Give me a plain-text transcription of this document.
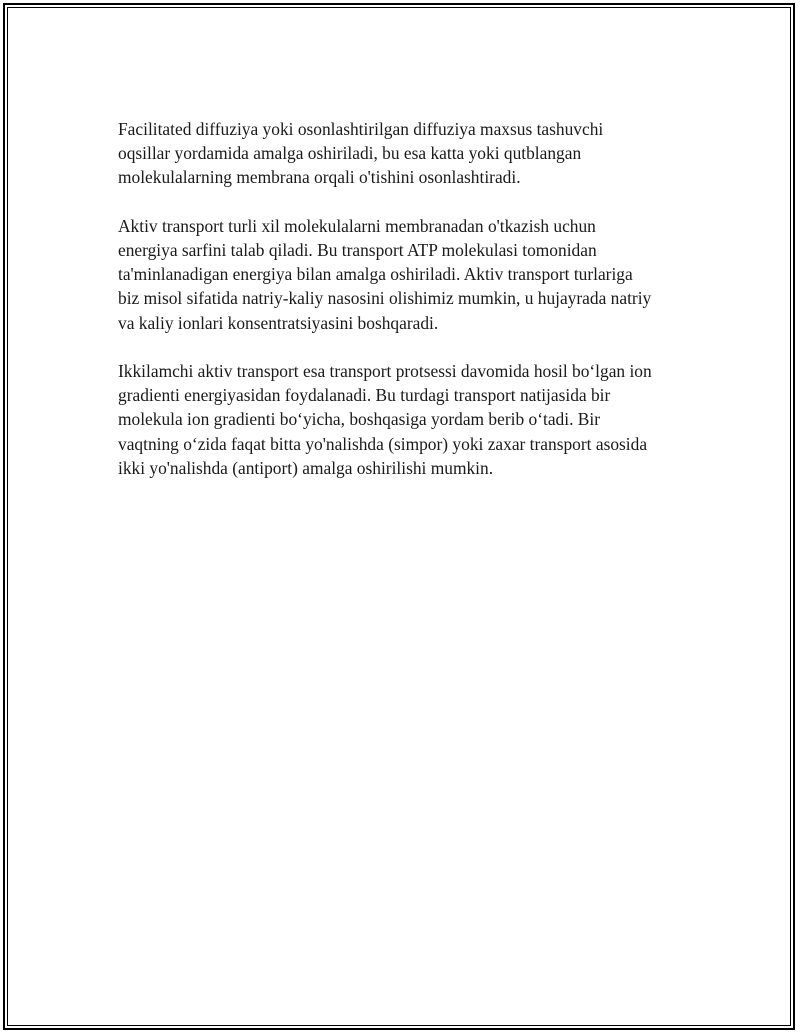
Facilitated diffuziya yoki osonlashtirilgan diffuziya maxsus tashuvchi
oqsillar yordamida amalga oshiriladi, bu esa katta yoki qutblangan
molekulalarning membrana orqali o'tishini osonlashtiradi.

Aktiv transport turli xil molekulalarni membranadan o'tkazish uchun
energiya sarfini talab qiladi. Bu transport ATP molekulasi tomonidan
ta'minlanadigan energiya bilan amalga oshiriladi. Aktiv transport turlariga
biz misol sifatida natriy-kaliy nasosini olishimiz mumkin, u hujayrada natriy
va kaliy ionlari konsentratsiyasini boshqaradi.

Ikkilamchi aktiv transport esa transport protsessi davomida hosil bo‘lgan ion
gradienti energiyasidan foydalanadi. Bu turdagi transport natijasida bir
molekula ion gradienti bo‘yicha, boshqasiga yordam berib o‘tadi. Bir
vaqtning o‘zida faqat bitta yo'nalishda (simpor) yoki zaxar transport asosida
ikki yo'nalishda (antiport) amalga oshirilishi mumkin.
